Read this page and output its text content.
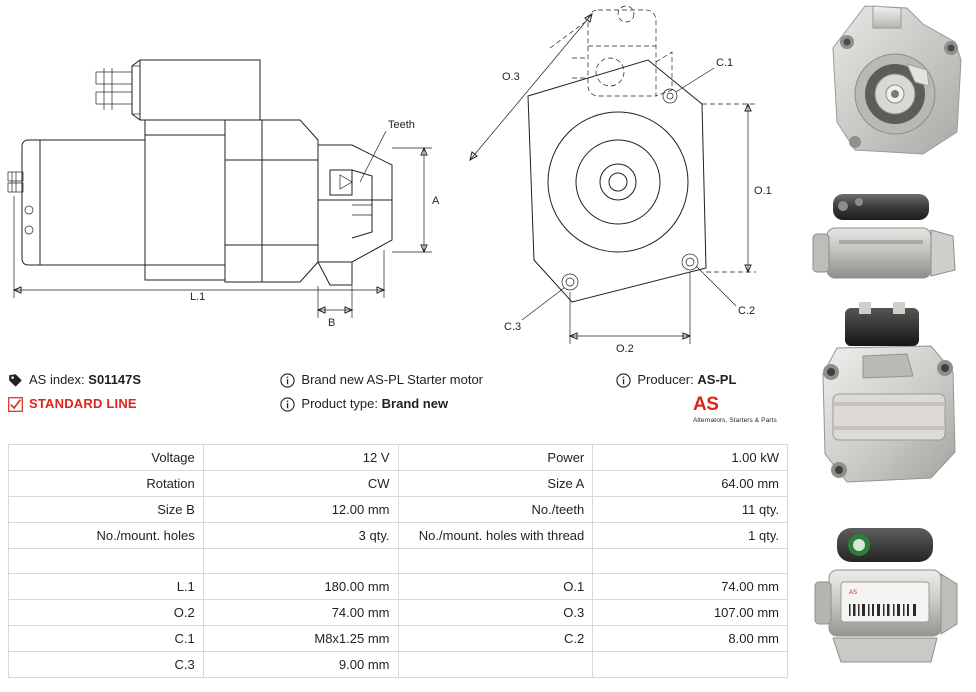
Teeth
A
L.1
B
C.1
C.2
C.3
O.3
O.1
O.2
AS
AS index: S01147S	Brand new AS-PL Starter motor	Producer: AS-PL
STANDARD LINE	Product type: Brand new	AS
Alternators, Starters & Parts
Voltage	12 V	Power	1.00 kW
Rotation	CW	Size A	64.00 mm
Size B	12.00 mm	No./teeth	11 qty.
No./mount. holes	3 qty.	No./mount. holes with thread	1 qty.

L.1	180.00 mm	O.1	74.00 mm
O.2	74.00 mm	O.3	107.00 mm
C.1	M8x1.25 mm	C.2	8.00 mm
C.3	9.00 mm		
